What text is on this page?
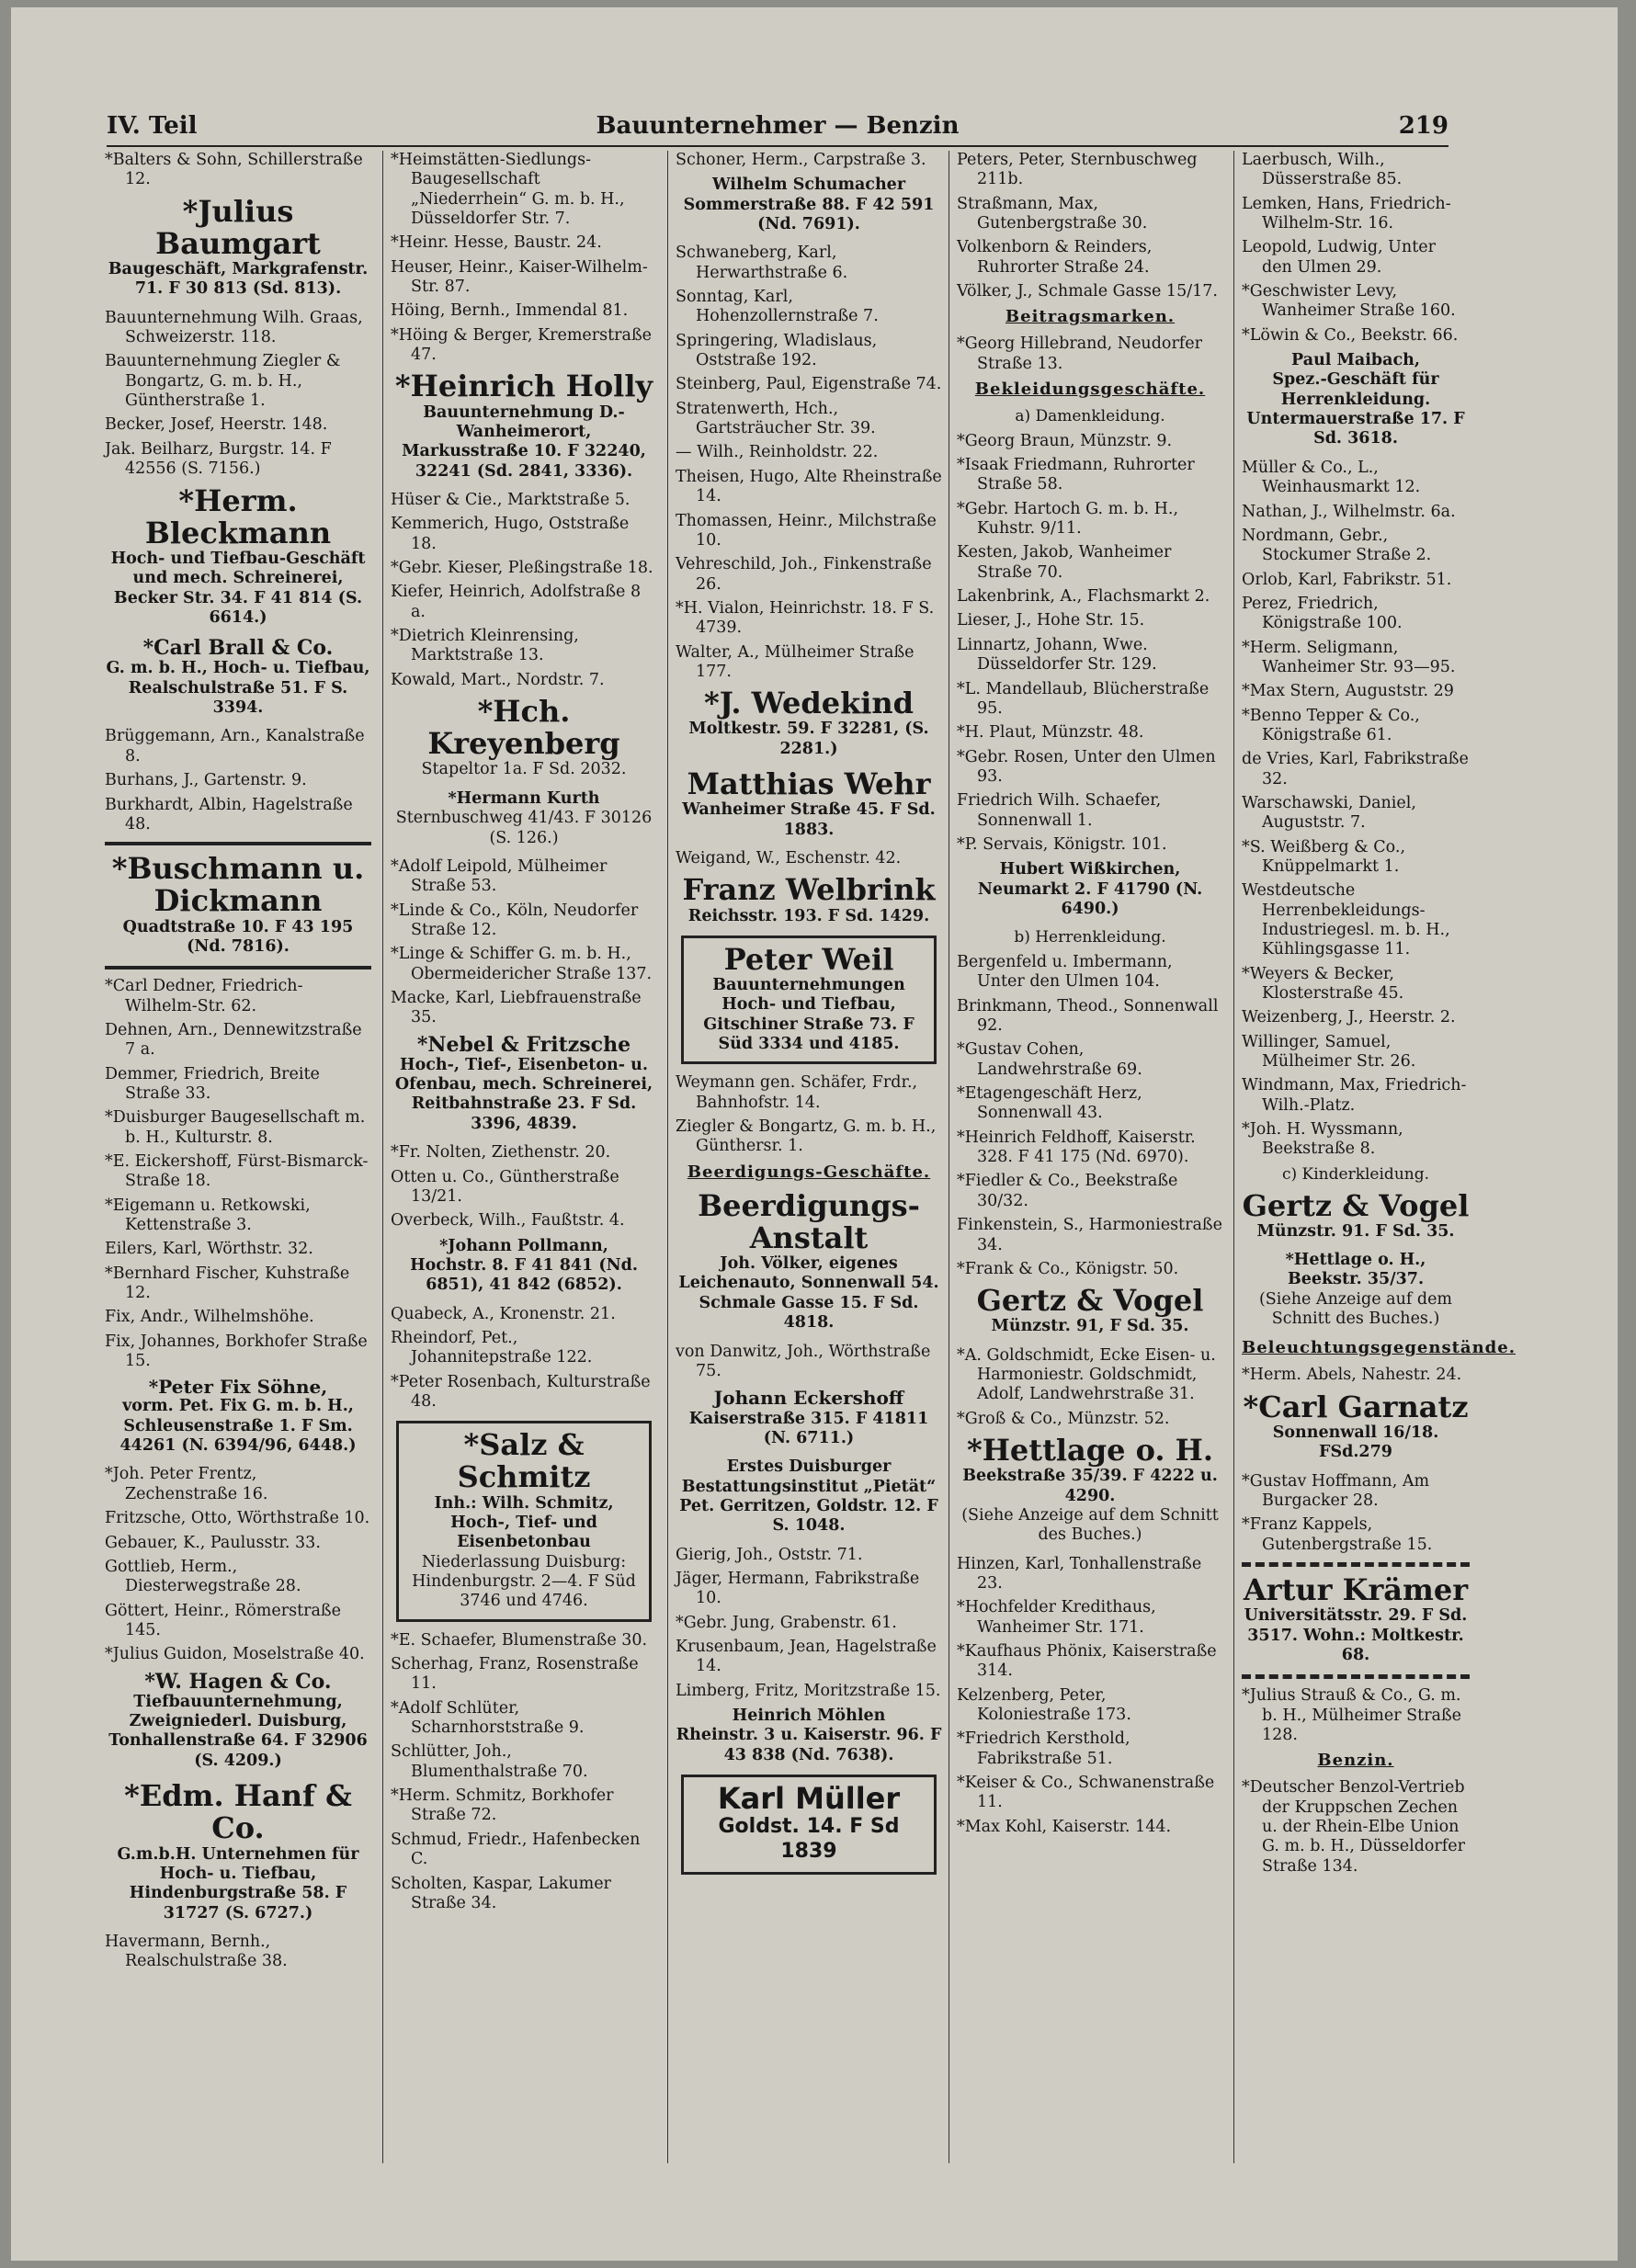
IV. Teil	Bauunternehmer — Benzin	219

*Balters & Sohn, Schillerstraße 12.

*Julius Baumgart
Baugeschäft, Markgrafenstr. 71. F 30 813 (Sd. 813).

Bauunternehmung Wilh. Graas, Schweizerstr. 118.

Bauunternehmung Ziegler & Bongartz, G. m. b. H., Güntherstraße 1.

Becker, Josef, Heerstr. 148.

Jak. Beilharz, Burgstr. 14. F 42556 (S. 7156.)

*Herm. Bleckmann
Hoch- und Tiefbau-Geschäft und mech. Schreinerei, Becker Str. 34. F 41 814 (S. 6614.)
*Carl Brall & Co.
G. m. b. H., Hoch- u. Tiefbau, Realschulstraße 51. F S. 3394.

Brüggemann, Arn., Kanalstraße 8.

Burhans, J., Gartenstr. 9.

Burkhardt, Albin, Hagelstraße 48.

*Buschmann u. Dickmann
Quadtstraße 10. F 43 195 (Nd. 7816).

*Carl Dedner, Friedrich-Wilhelm-Str. 62.

Dehnen, Arn., Dennewitzstraße 7 a.

Demmer, Friedrich, Breite Straße 33.

*Duisburger Baugesellschaft m. b. H., Kulturstr. 8.

*E. Eickershoff, Fürst-Bismarck-Straße 18.

*Eigemann u. Retkowski, Kettenstraße 3.

Eilers, Karl, Wörthstr. 32.

*Bernhard Fischer, Kuhstraße 12.

Fix, Andr., Wilhelmshöhe.

Fix, Johannes, Borkhofer Straße 15.

*Peter Fix Söhne,
vorm. Pet. Fix G. m. b. H., Schleusenstraße 1. F Sm. 44261 (N. 6394/96, 6448.)

*Joh. Peter Frentz, Zechenstraße 16.

Fritzsche, Otto, Wörthstraße 10.

Gebauer, K., Paulusstr. 33.

Gottlieb, Herm., Diesterwegstraße 28.

Göttert, Heinr., Römerstraße 145.

*Julius Guidon, Moselstraße 40.

*W. Hagen & Co.
Tiefbauunternehmung, Zweigniederl. Duisburg, Tonhallenstraße 64. F 32906 (S. 4209.)
*Edm. Hanf & Co.
G.m.b.H. Unternehmen für Hoch- u. Tiefbau, Hindenburgstraße 58. F 31727 (S. 6727.)

Havermann, Bernh., Realschulstraße 38.

*Heimstätten-Siedlungs-Baugesellschaft „Niederrhein“ G. m. b. H., Düsseldorfer Str. 7.

*Heinr. Hesse, Baustr. 24.

Heuser, Heinr., Kaiser-Wilhelm-Str. 87.

Höing, Bernh., Immendal 81.

*Höing & Berger, Kremerstraße 47.

*Heinrich Holly
Bauunternehmung D.-Wanheimerort, Markusstraße 10. F 32240, 32241 (Sd. 2841, 3336).

Hüser & Cie., Marktstraße 5.

Kemmerich, Hugo, Oststraße 18.

*Gebr. Kieser, Pleßingstraße 18.

Kiefer, Heinrich, Adolfstraße 8 a.

*Dietrich Kleinrensing, Marktstraße 13.

Kowald, Mart., Nordstr. 7.

*Hch. Kreyenberg
Stapeltor 1a. F Sd. 2032.
*Hermann Kurth
Sternbuschweg 41/43. F 30126 (S. 126.)

*Adolf Leipold, Mülheimer Straße 53.

*Linde & Co., Köln, Neudorfer Straße 12.

*Linge & Schiffer G. m. b. H., Obermeidericher Straße 137.

Macke, Karl, Liebfrauenstraße 35.

*Nebel & Fritzsche
Hoch-, Tief-, Eisenbeton- u. Ofenbau, mech. Schreinerei, Reitbahnstraße 23. F Sd. 3396, 4839.

*Fr. Nolten, Ziethenstr. 20.

Otten u. Co., Güntherstraße 13/21.

Overbeck, Wilh., Faußtstr. 4.

*Johann Pollmann,
Hochstr. 8. F 41 841 (Nd. 6851), 41 842 (6852).

Quabeck, A., Kronenstr. 21.

Rheindorf, Pet., Johannitерstraße 122.

*Peter Rosenbach, Kulturstraße 48.

*Salz & Schmitz
Inh.: Wilh. Schmitz, Hoch-, Tief- und Eisenbetonbau
Niederlassung Duisburg: Hindenburgstr. 2—4. F Süd 3746 und 4746.

*E. Schaefer, Blumenstraße 30.

Scherhag, Franz, Rosenstraße 11.

*Adolf Schlüter, Scharnhorststraße 9.

Schlütter, Joh., Blumenthalstraße 70.

*Herm. Schmitz, Borkhofer Straße 72.

Schmud, Friedr., Hafenbecken C.

Scholten, Kaspar, Lakumer Straße 34.

Schoner, Herm., Carpstraße 3.

Wilhelm Schumacher
Sommerstraße 88. F 42 591 (Nd. 7691).

Schwaneberg, Karl, Herwarthstraße 6.

Sonntag, Karl, Hohenzollernstraße 7.

Springering, Wladislaus, Oststraße 192.

Steinberg, Paul, Eigenstraße 74.

Stratenwerth, Hch., Gartsträucher Str. 39.

— Wilh., Reinholdstr. 22.

Theisen, Hugo, Alte Rheinstraße 14.

Thomassen, Heinr., Milchstraße 10.

Vehreschild, Joh., Finkenstraße 26.

*H. Vialon, Heinrichstr. 18. F S. 4739.

Walter, A., Mülheimer Straße 177.

*J. Wedekind
Moltkestr. 59. F 32281, (S. 2281.)
Matthias Wehr
Wanheimer Straße 45. F Sd. 1883.

Weigand, W., Eschenstr. 42.

Franz Welbrink
Reichsstr. 193. F Sd. 1429.
Peter Weil
Bauunternehmungen Hoch- und Tiefbau, Gitschiner Straße 73. F Süd 3334 und 4185.

Weymann gen. Schäfer, Frdr., Bahnhofstr. 14.

Ziegler & Bongartz, G. m. b. H., Günthersr. 1.

Beerdigungs-Geschäfte.
Beerdigungs-Anstalt
Joh. Völker, eigenes Leichenauto, Sonnenwall 54. Schmale Gasse 15. F Sd. 4818.

von Danwitz, Joh., Wörthstraße 75.

Johann Eckershoff
Kaiserstraße 315. F 41811 (N. 6711.)
Erstes Duisburger Bestattungsinstitut „Pietät“
Pet. Gerritzen, Goldstr. 12. F S. 1048.

Gierig, Joh., Oststr. 71.

Jäger, Hermann, Fabrikstraße 10.

*Gebr. Jung, Grabenstr. 61.

Krusenbaum, Jean, Hagelstraße 14.

Limberg, Fritz, Moritzstraße 15.

Heinrich Möhlen
Rheinstr. 3 u. Kaiserstr. 96. F 43 838 (Nd. 7638).
Karl Müller
Goldst. 14. F Sd 1839

Peters, Peter, Sternbuschweg 211b.

Straßmann, Max, Gutenbergstraße 30.

Volkenborn & Reinders, Ruhrorter Straße 24.

Völker, J., Schmale Gasse 15/17.

Beitragsmarken.

*Georg Hillebrand, Neudorfer Straße 13.

Bekleidungsgeschäfte.
a) Damenkleidung.

*Georg Braun, Münzstr. 9.

*Isaak Friedmann, Ruhrorter Straße 58.

*Gebr. Hartoch G. m. b. H., Kuhstr. 9/11.

Kesten, Jakob, Wanheimer Straße 70.

Lakenbrink, A., Flachsmarkt 2.

Lieser, J., Hohe Str. 15.

Linnartz, Johann, Wwe. Düsseldorfer Str. 129.

*L. Mandellaub, Blücherstraße 95.

*H. Plaut, Münzstr. 48.

*Gebr. Rosen, Unter den Ulmen 93.

Friedrich Wilh. Schaefer, Sonnenwall 1.

*P. Servais, Königstr. 101.

Hubert Wißkirchen,
Neumarkt 2. F 41790 (N. 6490.)
b) Herrenkleidung.

Bergenfeld u. Imbermann, Unter den Ulmen 104.

Brinkmann, Theod., Sonnenwall 92.

*Gustav Cohen, Landwehrstraße 69.

*Etagengeschäft Herz, Sonnenwall 43.

*Heinrich Feldhoff, Kaiserstr. 328. F 41 175 (Nd. 6970).

*Fiedler & Co., Beekstraße 30/32.

Finkenstein, S., Harmoniestraße 34.

*Frank & Co., Königstr. 50.

Gertz & Vogel
Münzstr. 91, F Sd. 35.

*A. Goldschmidt, Ecke Eisen- u. Harmoniestr. Goldschmidt, Adolf, Landwehrstraße 31.

*Groß & Co., Münzstr. 52.

*Hettlage o. H.
Beekstraße 35/39. F 4222 u. 4290.
(Siehe Anzeige auf dem Schnitt des Buches.)

Hinzen, Karl, Tonhallenstraße 23.

*Hochfelder Kredithaus, Wanheimer Str. 171.

*Kaufhaus Phönix, Kaiserstraße 314.

Kelzenberg, Peter, Koloniestraße 173.

*Friedrich Kersthold, Fabrikstraße 51.

*Keiser & Co., Schwanenstraße 11.

*Max Kohl, Kaiserstr. 144.

Laerbusch, Wilh., Düsserstraße 85.

Lemken, Hans, Friedrich-Wilhelm-Str. 16.

Leopold, Ludwig, Unter den Ulmen 29.

*Geschwister Levy, Wanheimer Straße 160.

*Löwin & Co., Beekstr. 66.

Paul Maibach,
Spez.-Geschäft für Herrenkleidung. Untermauerstraße 17. F Sd. 3618.

Müller & Co., L., Weinhausmarkt 12.

Nathan, J., Wilhelmstr. 6a.

Nordmann, Gebr., Stockumer Straße 2.

Orlob, Karl, Fabrikstr. 51.

Perez, Friedrich, Königstraße 100.

*Herm. Seligmann, Wanheimer Str. 93—95.

*Max Stern, Auguststr. 29

*Benno Tepper & Co., Königstraße 61.

de Vries, Karl, Fabrikstraße 32.

Warschawski, Daniel, Auguststr. 7.

*S. Weißberg & Co., Knüppelmarkt 1.

Westdeutsche Herrenbekleidungs-Industriegesl. m. b. H., Kühlingsgasse 11.

*Weyers & Becker, Klosterstraße 45.

Weizenberg, J., Heerstr. 2.

Willinger, Samuel, Mülheimer Str. 26.

Windmann, Max, Friedrich-Wilh.-Platz.

*Joh. H. Wyssmann, Beekstraße 8.

c) Kinderkleidung.
Gertz & Vogel
Münzstr. 91. F Sd. 35.
*Hettlage o. H.,
Beekstr. 35/37.
(Siehe Anzeige auf dem Schnitt des Buches.)
Beleuchtungsgegenstände.

*Herm. Abels, Nahestr. 24.

*Carl Garnatz
Sonnenwall 16/18. FSd.279

*Gustav Hoffmann, Am Burgacker 28.

*Franz Kappels, Gutenbergstraße 15.

Artur Krämer
Universitätsstr. 29. F Sd. 3517. Wohn.: Moltkestr. 68.

*Julius Strauß & Co., G. m. b. H., Mülheimer Straße 128.

Benzin.

*Deutscher Benzol-Vertrieb der Kruppschen Zechen u. der Rhein-Elbe Union G. m. b. H., Düsseldorfer Straße 134.
